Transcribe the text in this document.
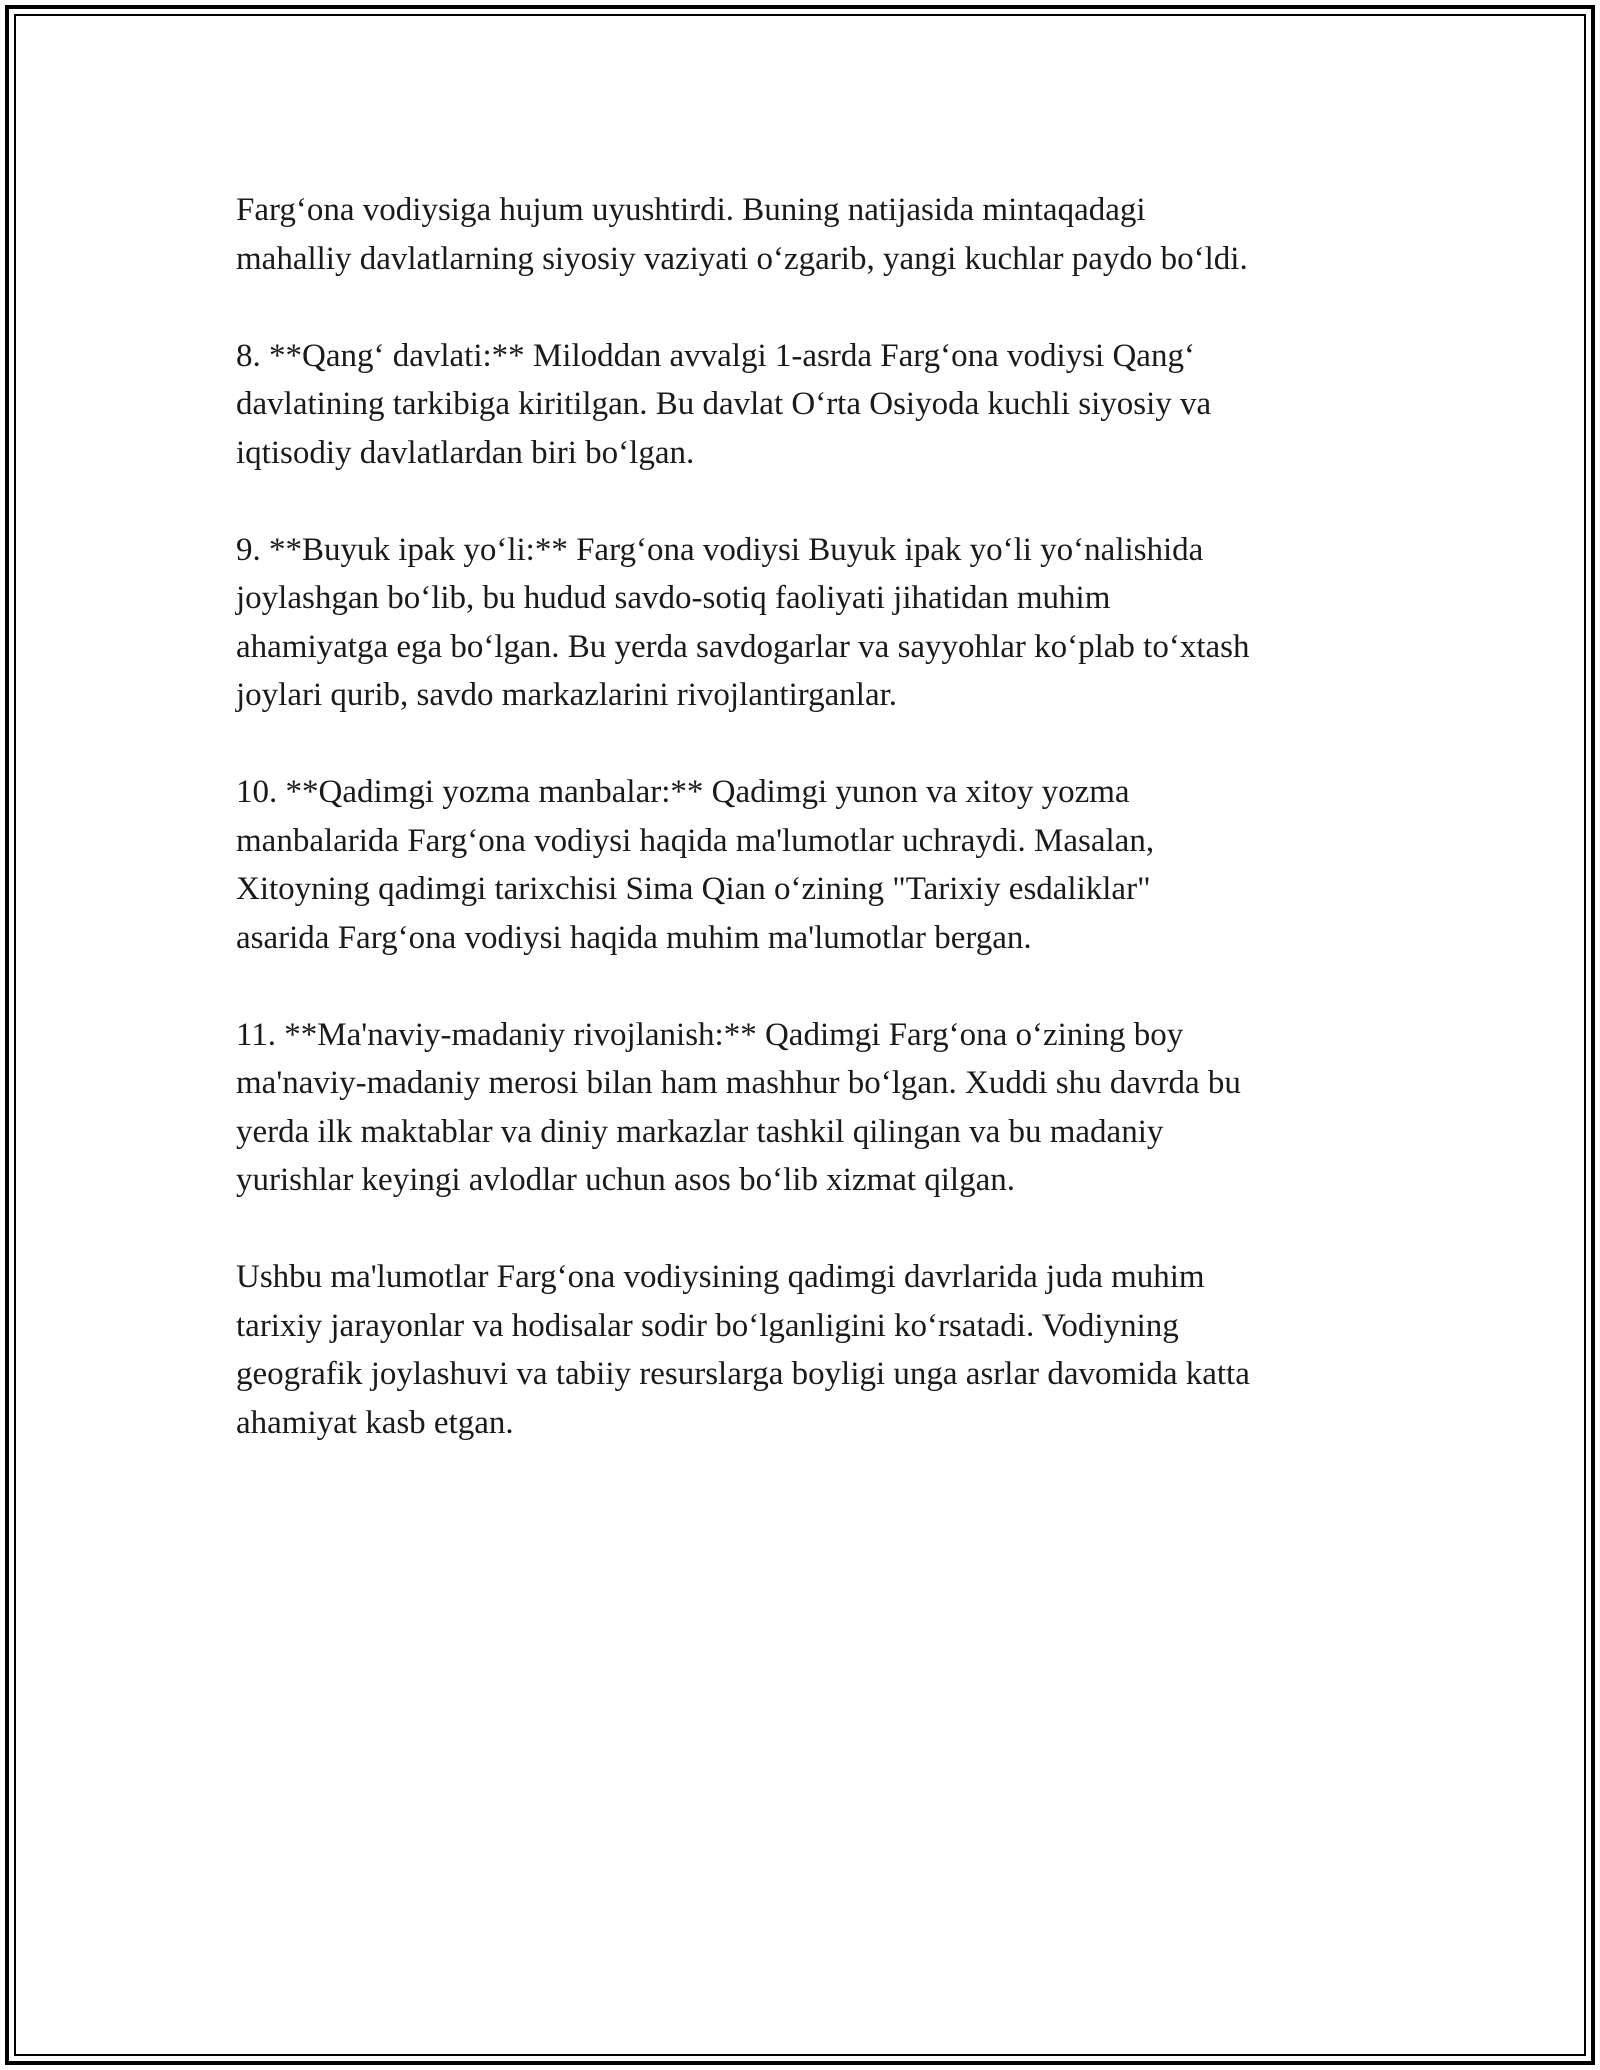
Farg‘ona vodiysiga hujum uyushtirdi. Buning natijasida mintaqadagi
mahalliy davlatlarning siyosiy vaziyati o‘zgarib, yangi kuchlar paydo bo‘ldi.

8. **Qang‘ davlati:** Miloddan avvalgi 1-asrda Farg‘ona vodiysi Qang‘
davlatining tarkibiga kiritilgan. Bu davlat O‘rta Osiyoda kuchli siyosiy va
iqtisodiy davlatlardan biri bo‘lgan.

9. **Buyuk ipak yo‘li:** Farg‘ona vodiysi Buyuk ipak yo‘li yo‘nalishida
joylashgan bo‘lib, bu hudud savdo-sotiq faoliyati jihatidan muhim
ahamiyatga ega bo‘lgan. Bu yerda savdogarlar va sayyohlar ko‘plab to‘xtash
joylari qurib, savdo markazlarini rivojlantirganlar.

10. **Qadimgi yozma manbalar:** Qadimgi yunon va xitoy yozma
manbalarida Farg‘ona vodiysi haqida ma'lumotlar uchraydi. Masalan,
Xitoyning qadimgi tarixchisi Sima Qian o‘zining "Tarixiy esdaliklar"
asarida Farg‘ona vodiysi haqida muhim ma'lumotlar bergan.

11. **Ma'naviy-madaniy rivojlanish:** Qadimgi Farg‘ona o‘zining boy
ma'naviy-madaniy merosi bilan ham mashhur bo‘lgan. Xuddi shu davrda bu
yerda ilk maktablar va diniy markazlar tashkil qilingan va bu madaniy
yurishlar keyingi avlodlar uchun asos bo‘lib xizmat qilgan.

Ushbu ma'lumotlar Farg‘ona vodiysining qadimgi davrlarida juda muhim
tarixiy jarayonlar va hodisalar sodir bo‘lganligini ko‘rsatadi. Vodiyning
geografik joylashuvi va tabiiy resurslarga boyligi unga asrlar davomida katta
ahamiyat kasb etgan.
